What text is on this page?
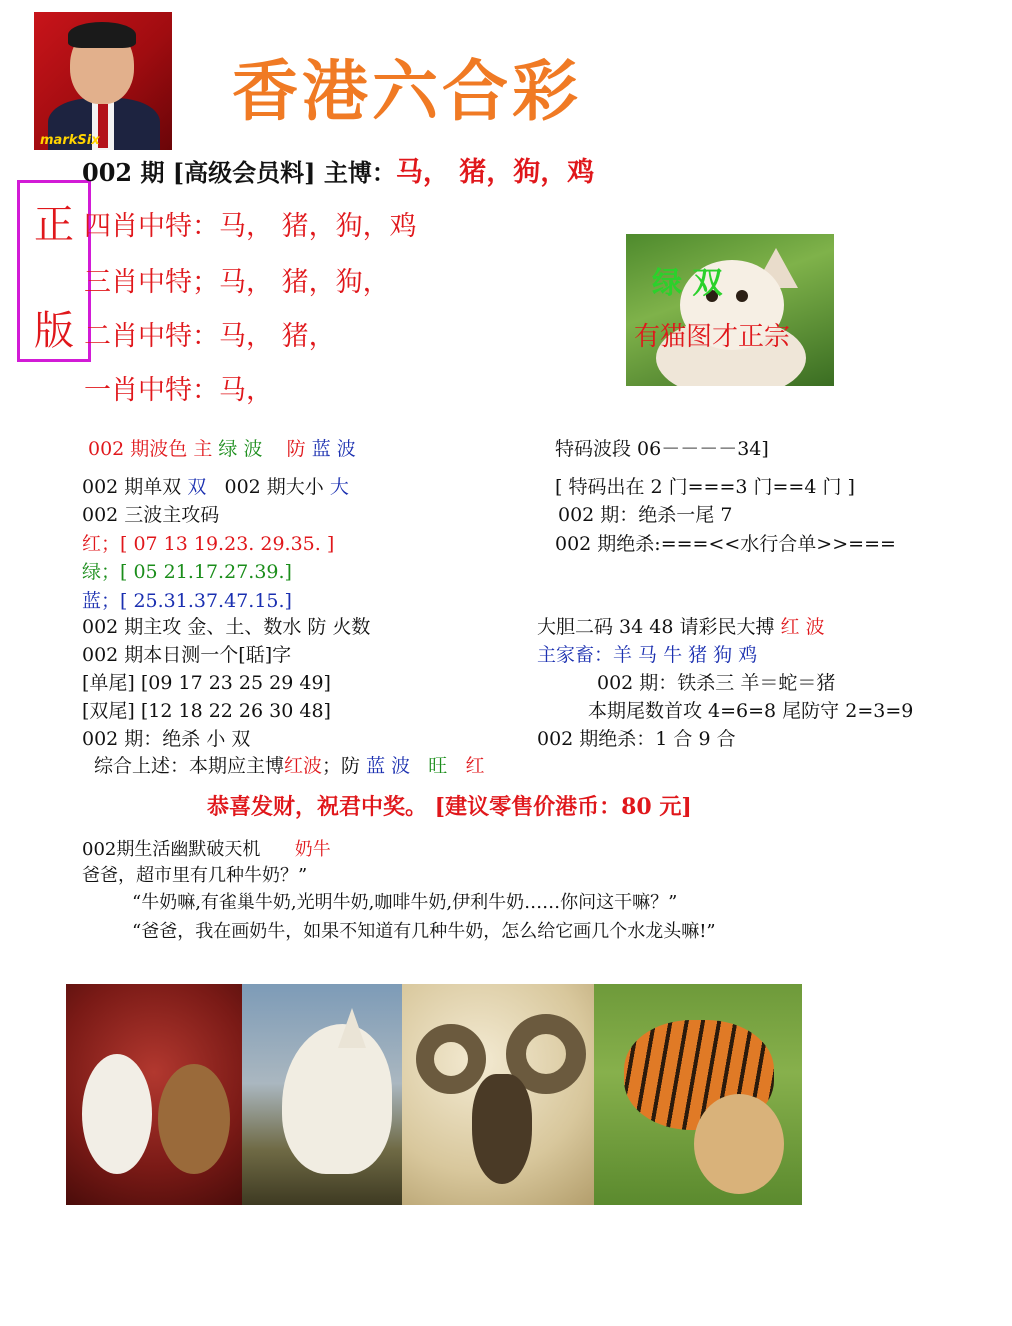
markSix
香港六合彩
正
版
002 期 [高级会员料] 主博：马， 猪，狗，鸡
四肖中特：马， 猪，狗，鸡
三肖中特；马， 猪，狗，
二肖中特：马， 猪，
一肖中特：马，
绿 双
有猫图才正宗
002 期波色 主 绿 波 防 蓝 波	特码波段 06－－－－34]
002 期单双 双 002 期大小 大	[ 特码出在 2 门===3 门==4 门 ]
002 三波主攻码	002 期：绝杀一尾 7
红；[ 07 13 19.23. 29.35. ]	002 期绝杀:===<<水行合单>>===
绿；[ 05 21.17.27.39.]
蓝；[ 25.31.37.47.15.]
002 期主攻 金、土、数水 防 火数	大胆二码 34 48 请彩民大搏 红 波
002 期本日测一个[聒]字	主家畜：羊 马 牛 猪 狗 鸡
[单尾] [09 17 23 25 29 49]	002 期：铁杀三 羊＝蛇＝猪
[双尾] [12 18 22 26 30 48]	本期尾数首攻 4=6=8 尾防守 2=3=9
002 期：绝杀 小 双	002 期绝杀：1 合 9 合
综合上述：本期应主博红波；防 蓝 波 旺 红
恭喜发财，祝君中奖。 [建议零售价港币：80 元]
002期生活幽默破天机 奶牛
爸爸，超市里有几种牛奶？”
“牛奶嘛,有雀巢牛奶,光明牛奶,咖啡牛奶,伊利牛奶……你问这干嘛？”
“爸爸，我在画奶牛，如果不知道有几种牛奶，怎么给它画几个水龙头嘛!”
